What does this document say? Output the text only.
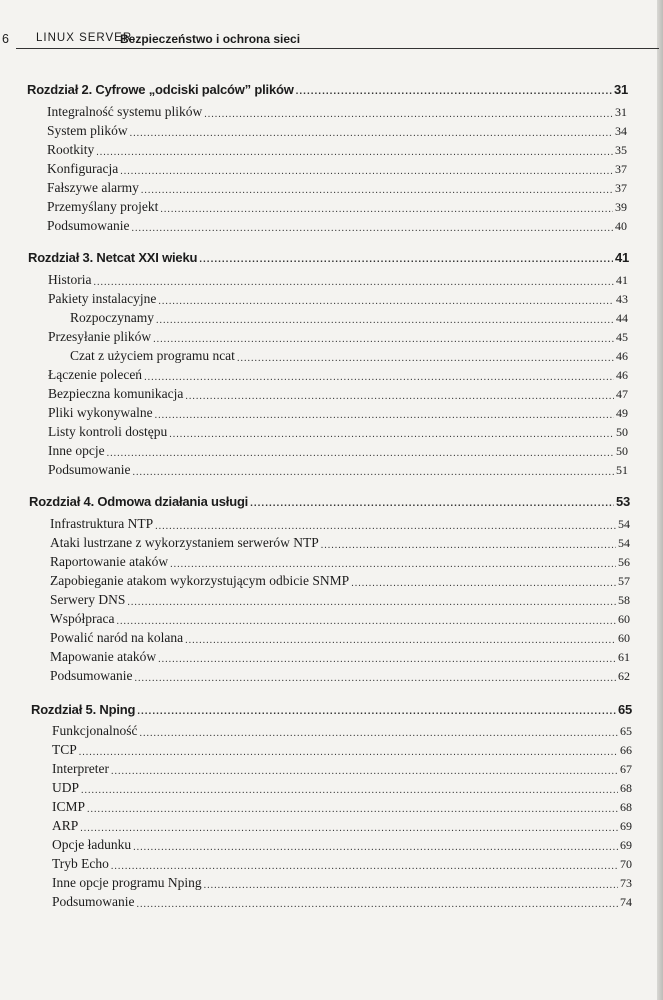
6 LINUX SERVER.
Bezpieczeństwo i ochrona sieci
Rozdział 2. Cyfrowe „odciski palców” plików .....	31
Integralność systemu plików .....	31
System plików .....	34
Rootkity .....	35
Konfiguracja .....	37
Fałszywe alarmy .....	37
Przemyślany projekt .....	39
Podsumowanie .....	40
Rozdział 3. Netcat XXI wieku .....	41
Historia .....	41
Pakiety instalacyjne .....	43
Rozpoczynamy .....	44
Przesyłanie plików .....	45
Czat z użyciem programu ncat .....	46
Łączenie poleceń .....	46
Bezpieczna komunikacja .....	47
Pliki wykonywalne .....	49
Listy kontroli dostępu .....	50
Inne opcje .....	50
Podsumowanie .....	51
Rozdział 4. Odmowa działania usługi .....	53
Infrastruktura NTP .....	54
Ataki lustrzane z wykorzystaniem serwerów NTP .....	54
Raportowanie ataków .....	56
Zapobieganie atakom wykorzystującym odbicie SNMP .....	57
Serwery DNS .....	58
Współpraca .....	60
Powalić naród na kolana .....	60
Mapowanie ataków .....	61
Podsumowanie .....	62
Rozdział 5. Nping .....	65
Funkcjonalność .....	65
TCP .....	66
Interpreter .....	67
UDP .....	68
ICMP .....	68
ARP .....	69
Opcje ładunku .....	69
Tryb Echo .....	70
Inne opcje programu Nping .....	73
Podsumowanie .....	74
